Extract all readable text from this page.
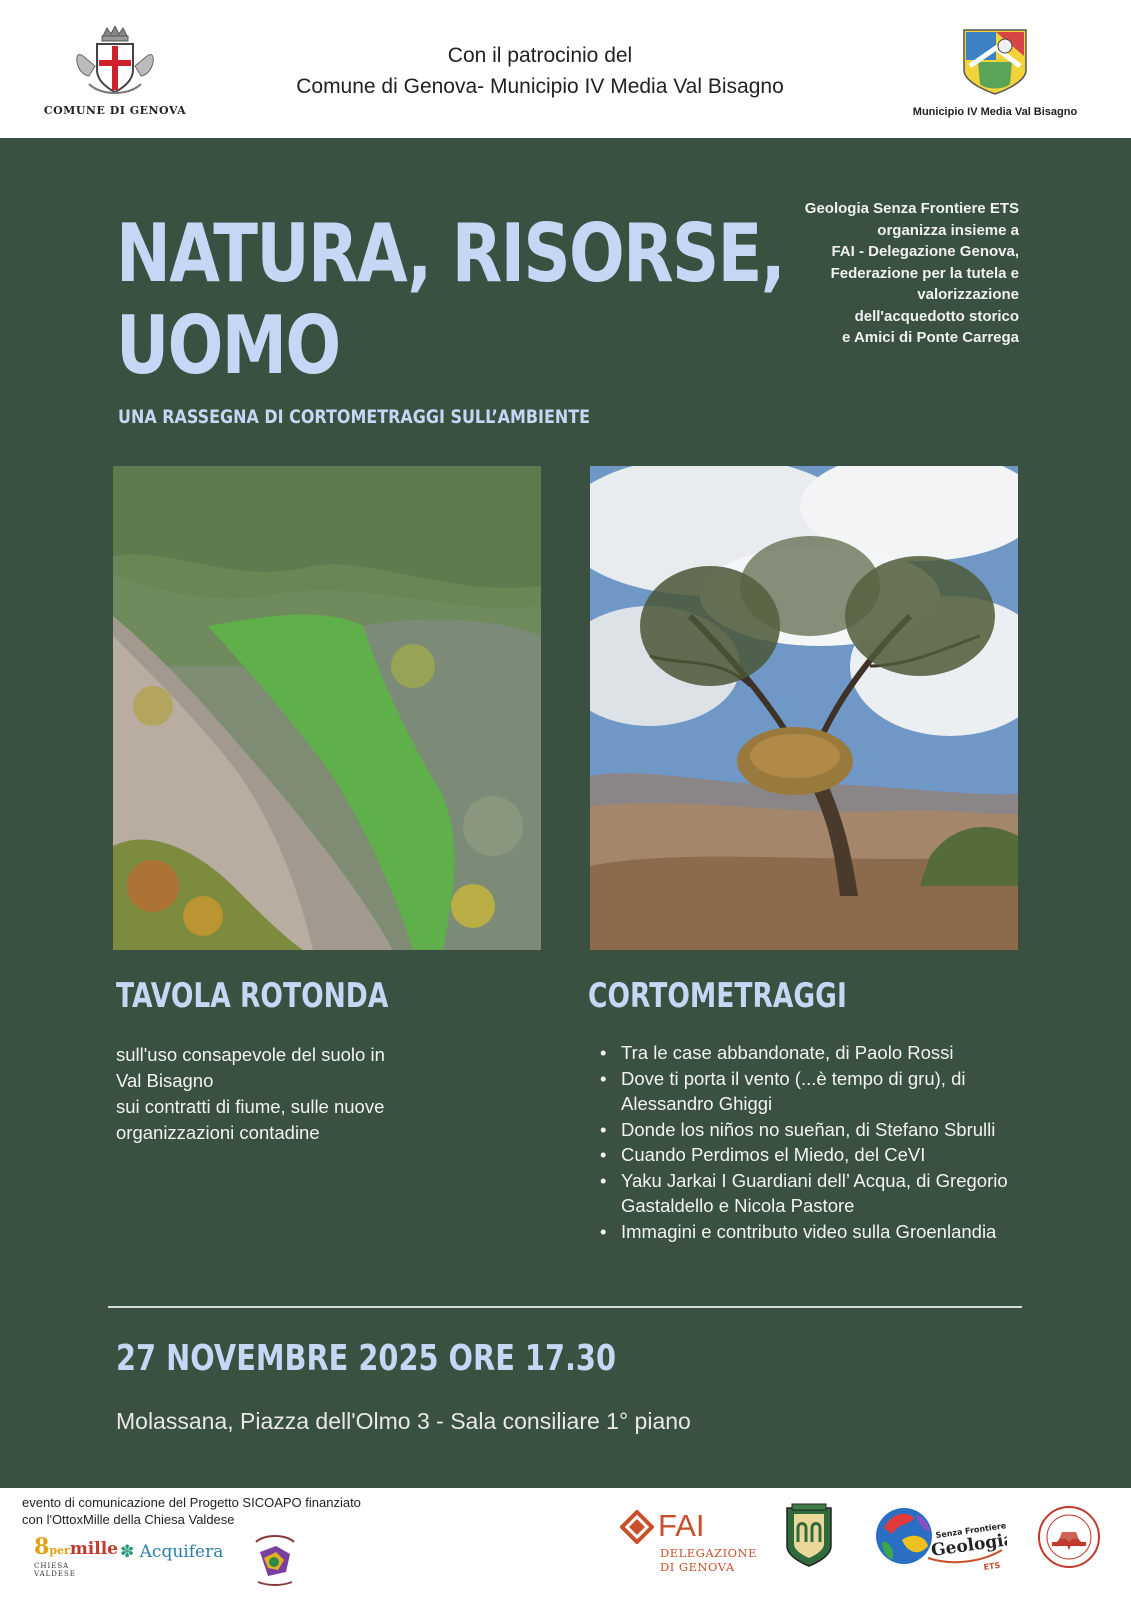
COMUNE DI GENOVA
Con il patrocinio del
Comune di Genova- Municipio IV Media Val Bisagno
Municipio IV Media Val Bisagno
NATURA, RISORSE,
UOMO
UNA RASSEGNA DI CORTOMETRAGGI SULL’AMBIENTE
Geologia Senza Frontiere ETS
organizza insieme a
FAI - Delegazione Genova,
Federazione per la tutela e
valorizzazione
dell'acquedotto storico
e Amici di Ponte Carrega
TAVOLA ROTONDA	CORTOMETRAGGI
sull'uso consapevole del suolo in
Val Bisagno
sui contratti di fiume, sulle nuove
organizzazioni contadine
• Tra le case abbandonate, di Paolo Rossi
• Dove ti porta il vento (...è tempo di gru), di Alessandro Ghiggi
• Donde los niños no sueñan, di Stefano Sbrulli
• Cuando Perdimos el Miedo, del CeVI
• Yaku Jarkai I Guardiani dell’ Acqua, di Gregorio Gastaldello e Nicola Pastore
• Immagini e contributo video sulla Groenlandia
27 NOVEMBRE 2025 ORE 17.30
Molassana, Piazza dell'Olmo 3 - Sala consiliare 1° piano
evento di comunicazione del Progetto SICOAPO finanziato
con l'OttoxMille della Chiesa Valdese
8permille
CHIESA VALDESE
✽ Acquifera
FAI
DELEGAZIONE
DI GENOVA
Senza Frontiere
Geologia
ETS
